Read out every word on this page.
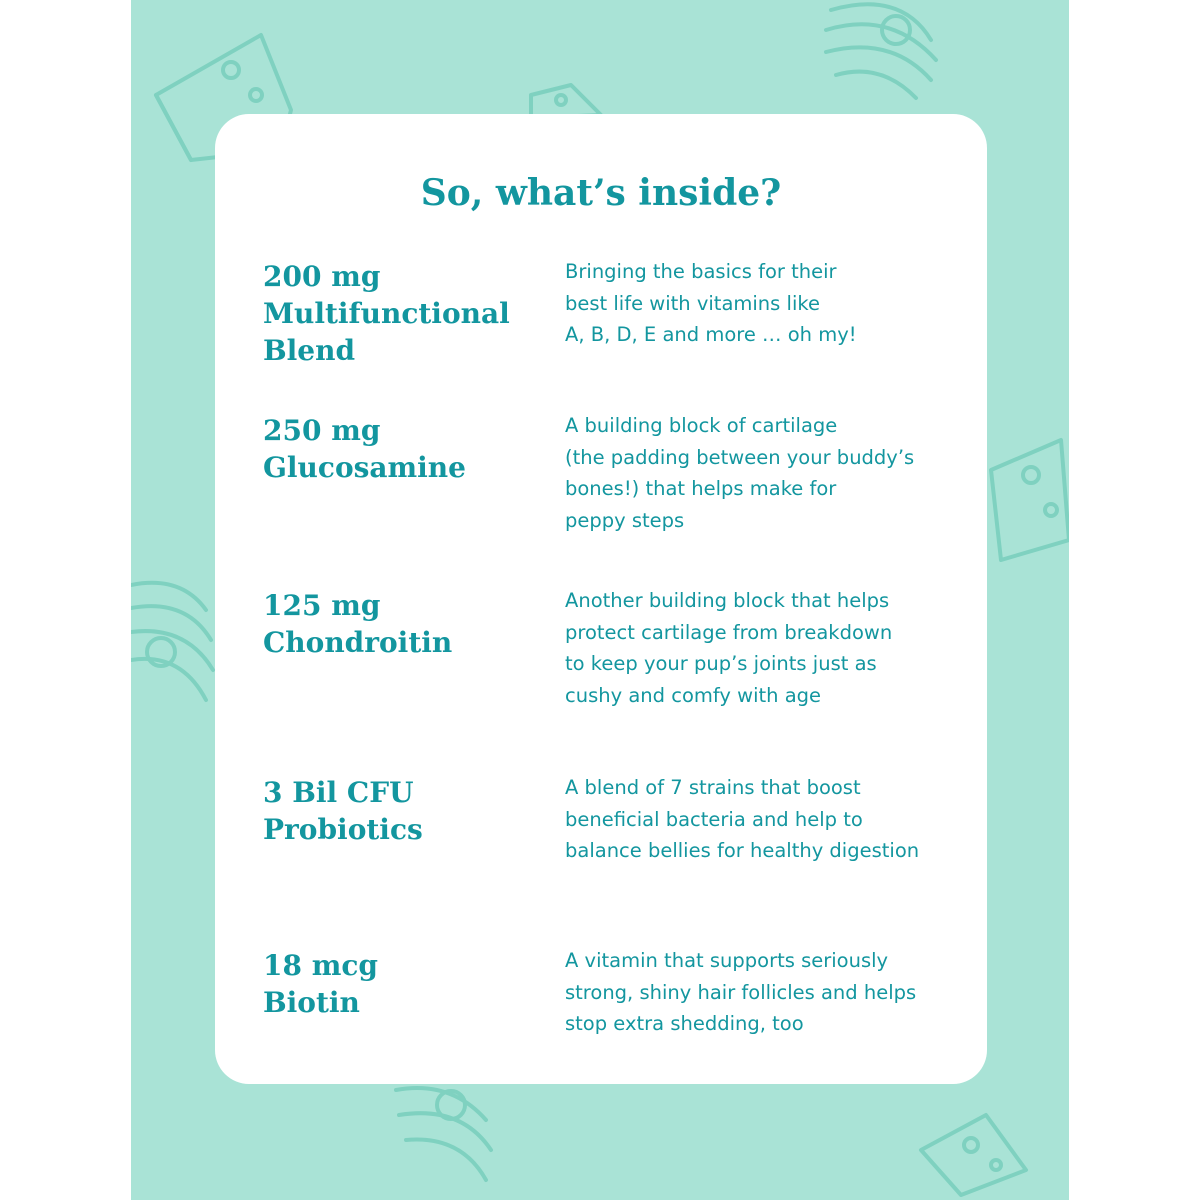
So, what’s inside?
200 mg
Multifunctional
Blend
Bringing the basics for their
best life with vitamins like
A, B, D, E and more … oh my!
250 mg
Glucosamine
A building block of cartilage
(the padding between your buddy’s
bones!) that helps make for
peppy steps
125 mg
Chondroitin
Another building block that helps
protect cartilage from breakdown
to keep your pup’s joints just as
cushy and comfy with age
3 Bil CFU
Probiotics
A blend of 7 strains that boost
beneficial bacteria and help to
balance bellies for healthy digestion
18 mcg
Biotin
A vitamin that supports seriously
strong, shiny hair follicles and helps
stop extra shedding, too
